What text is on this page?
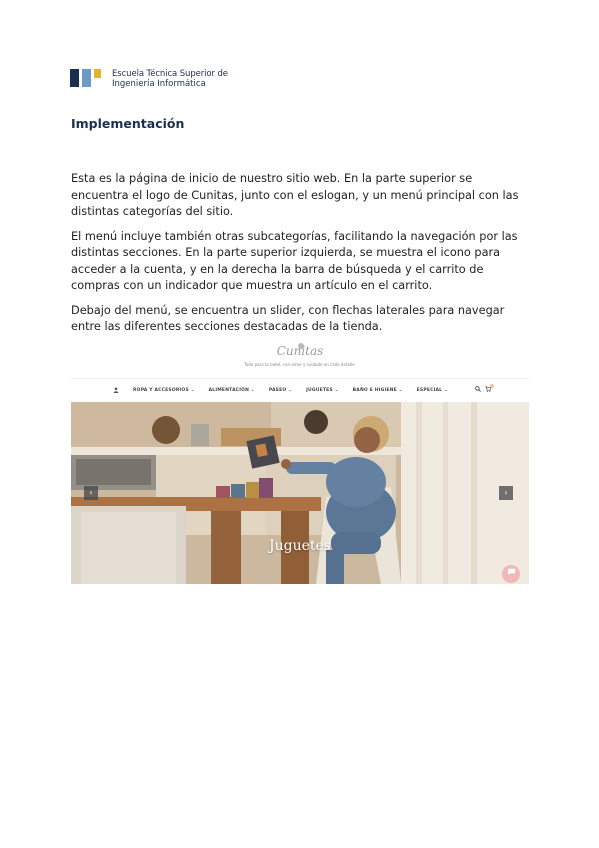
Escuela Técnica Superior de
Ingeniería Informática
Implementación

Esta es la página de inicio de nuestro sitio web. En la parte superior se encuentra el logo de Cunitas, junto con el eslogan, y un menú principal con las distintas categorías del sitio.

El menú incluye también otras subcategorías, facilitando la navegación por las distintas secciones. En la parte superior izquierda, se muestra el icono para acceder a la cuenta, y en la derecha la barra de búsqueda y el carrito de compras con un indicador que muestra un artículo en el carrito.

Debajo del menú, se encuentra un slider, con flechas laterales para navegar entre las diferentes secciones destacadas de la tienda.

Cunitas
Todo para tu bebé, con amor y cuidado en cada detalle.
ROPA Y ACCESORIOS ⌄	ALIMENTACIÓN ⌄	PASEO ⌄	JUGUETES ⌄	BAÑO E HIGIENE ⌄	ESPECIAL ⌄
‹	›
Juguetes
